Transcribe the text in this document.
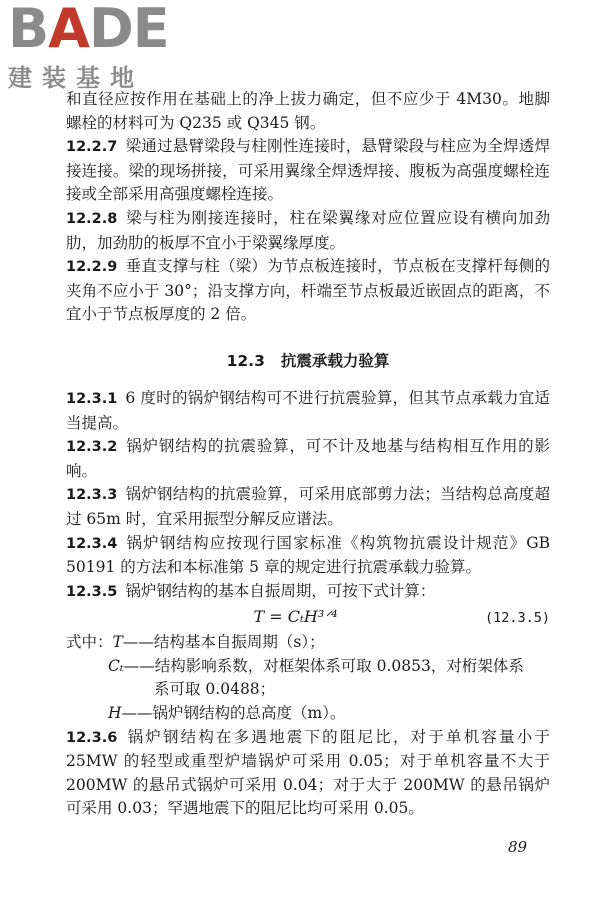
BADE
建装基地

和直径应按作用在基础上的净上拔力确定，但不应少于 4M30。地脚螺栓的材料可为 Q235 或 Q345 钢。

12.2.7 梁通过悬臂梁段与柱刚性连接时，悬臂梁段与柱应为全焊透焊接连接。梁的现场拼接，可采用翼缘全焊透焊接、腹板为高强度螺栓连接或全部采用高强度螺栓连接。

12.2.8 梁与柱为刚接连接时，柱在梁翼缘对应位置应设有横向加劲肋，加劲肋的板厚不宜小于梁翼缘厚度。

12.2.9 垂直支撑与柱（梁）为节点板连接时，节点板在支撑杆每侧的夹角不应小于 30°；沿支撑方向，杆端至节点板最近嵌固点的距离，不宜小于节点板厚度的 2 倍。

12.3 抗震承载力验算

12.3.1 6 度时的锅炉钢结构可不进行抗震验算，但其节点承载力宜适当提高。

12.3.2 锅炉钢结构的抗震验算，可不计及地基与结构相互作用的影响。

12.3.3 锅炉钢结构的抗震验算，可采用底部剪力法；当结构总高度超过 65m 时，宜采用振型分解反应谱法。

12.3.4 锅炉钢结构应按现行国家标准《构筑物抗震设计规范》GB 50191 的方法和本标准第 5 章的规定进行抗震承载力验算。

12.3.5 锅炉钢结构的基本自振周期，可按下式计算：

T = CₜH³ᐟ⁴	(12.3.5)
式中：T——结构基本自振周期（s）；
Cₜ——结构影响系数，对框架体系可取 0.0853，对桁架体系
系可取 0.0488；
H——锅炉钢结构的总高度（m）。

12.3.6 锅炉钢结构在多遇地震下的阻尼比，对于单机容量小于 25MW 的轻型或重型炉墙锅炉可采用 0.05；对于单机容量不大于 200MW 的悬吊式锅炉可采用 0.04；对于大于 200MW 的悬吊锅炉可采用 0.03；罕遇地震下的阻尼比均可采用 0.05。

89
